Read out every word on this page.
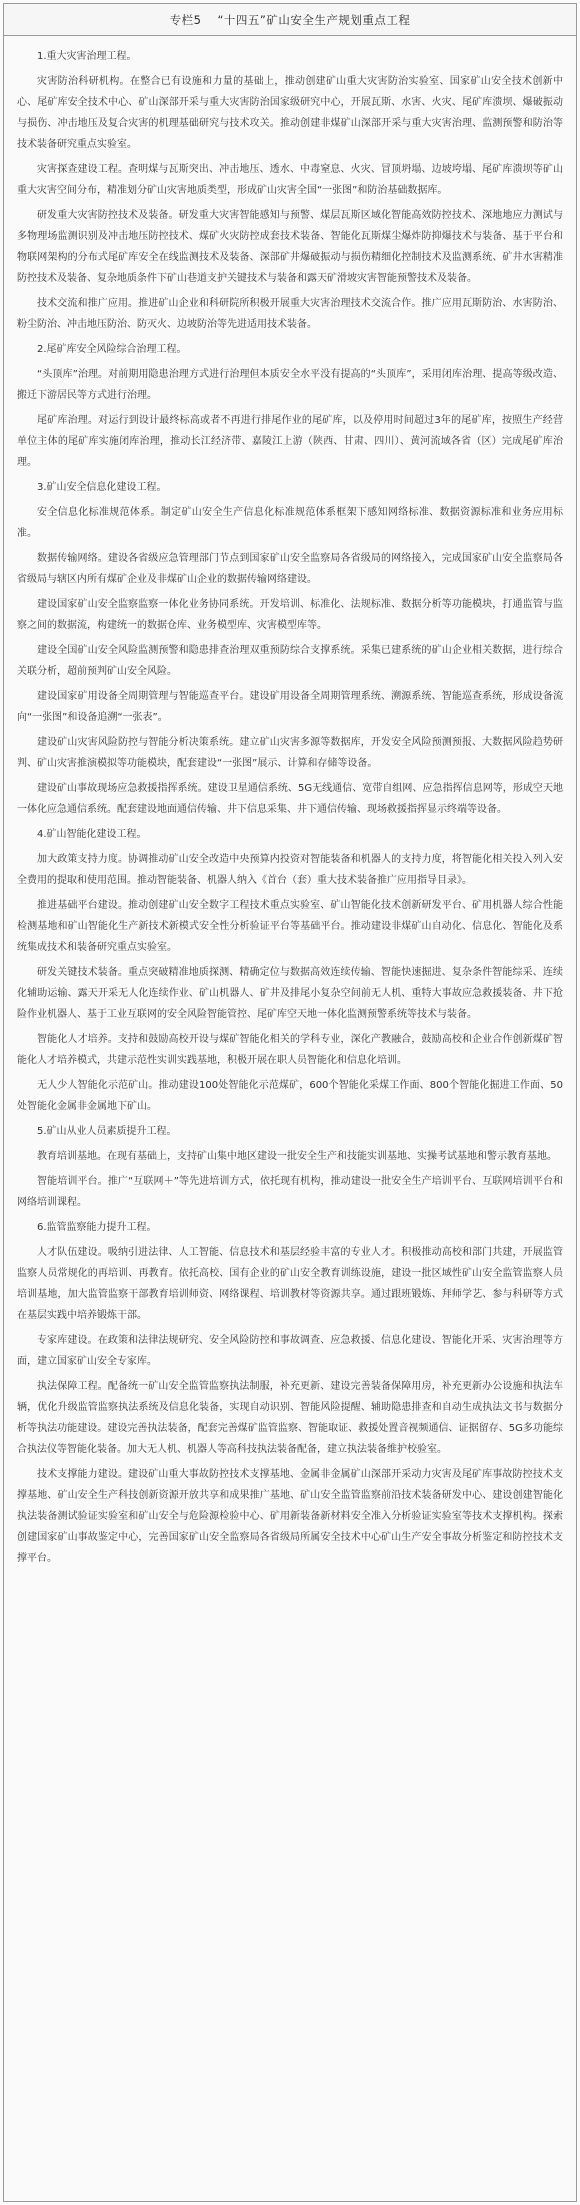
专栏5 “十四五”矿山安全生产规划重点工程

1.重大灾害治理工程。

灾害防治科研机构。在整合已有设施和力量的基础上，推动创建矿山重大灾害防治实验室、国家矿山安全技术创新中心、尾矿库安全技术中心、矿山深部开采与重大灾害防治国家级研究中心，开展瓦斯、水害、火灾、尾矿库溃坝、爆破振动与损伤、冲击地压及复合灾害的机理基础研究与技术攻关。推动创建非煤矿山深部开采与重大灾害治理、监测预警和防治等技术装备研究重点实验室。

灾害探查建设工程。查明煤与瓦斯突出、冲击地压、透水、中毒窒息、火灾、冒顶坍塌、边坡垮塌、尾矿库溃坝等矿山重大灾害空间分布，精准划分矿山灾害地质类型，形成矿山灾害全国“一张图”和防治基础数据库。

研发重大灾害防控技术及装备。研发重大灾害智能感知与预警、煤层瓦斯区域化智能高效防控技术、深地地应力测试与多物理场监测识别及冲击地压防控技术、煤矿火灾防控成套技术装备、智能化瓦斯煤尘爆炸防抑爆技术与装备、基于平台和物联网架构的分布式尾矿库安全在线监测技术及装备、深部矿井爆破振动与损伤精细化控制技术及监测系统、矿井水害精准防控技术及装备、复杂地质条件下矿山巷道支护关键技术与装备和露天矿滑坡灾害智能预警技术及装备。

技术交流和推广应用。推进矿山企业和科研院所积极开展重大灾害治理技术交流合作。推广应用瓦斯防治、水害防治、粉尘防治、冲击地压防治、防灭火、边坡防治等先进适用技术装备。

2.尾矿库安全风险综合治理工程。

“头顶库”治理。对前期用隐患治理方式进行治理但本质安全水平没有提高的“头顶库”，采用闭库治理、提高等级改造、搬迁下游居民等方式进行治理。

尾矿库治理。对运行到设计最终标高或者不再进行排尾作业的尾矿库，以及停用时间超过3年的尾矿库，按照生产经营单位主体的尾矿库实施闭库治理，推动长江经济带、嘉陵江上游（陕西、甘肃、四川）、黄河流域各省（区）完成尾矿库治理。

3.矿山安全信息化建设工程。

安全信息化标准规范体系。制定矿山安全生产信息化标准规范体系框架下感知网络标准、数据资源标准和业务应用标准。

数据传输网络。建设各省级应急管理部门节点到国家矿山安全监察局各省级局的网络接入，完成国家矿山安全监察局各省级局与辖区内所有煤矿企业及非煤矿山企业的数据传输网络建设。

建设国家矿山安全监察监察一体化业务协同系统。开发培训、标准化、法规标准、数据分析等功能模块，打通监管与监察之间的数据流，构建统一的数据仓库、业务模型库、灾害模型库等。

建设全国矿山安全风险监测预警和隐患排查治理双重预防综合支撑系统。采集已建系统的矿山企业相关数据，进行综合关联分析，超前预判矿山安全风险。

建设国家矿用设备全周期管理与智能巡查平台。建设矿用设备全周期管理系统、溯源系统、智能巡查系统，形成设备流向“一张图”和设备追溯“一张表”。

建设矿山灾害风险防控与智能分析决策系统。建立矿山灾害多源等数据库，开发安全风险预测预报、大数据风险趋势研判、矿山灾害推演模拟等功能模块，配套建设“一张图”展示、计算和存储等设备。

建设矿山事故现场应急救援指挥系统。建设卫星通信系统、5G无线通信、宽带自组网、应急指挥信息网等，形成空天地一体化应急通信系统。配套建设地面通信传输、井下信息采集、井下通信传输、现场救援指挥显示终端等设备。

4.矿山智能化建设工程。

加大政策支持力度。协调推动矿山安全改造中央预算内投资对智能装备和机器人的支持力度，将智能化相关投入列入安全费用的提取和使用范围。推动智能装备、机器人纳入《首台（套）重大技术装备推广应用指导目录》。

推进基础平台建设。推动创建矿山安全数字工程技术重点实验室、矿山智能化技术创新研发平台、矿用机器人综合性能检测基地和矿山智能化生产新技术新模式安全性分析验证平台等基础平台。推动建设非煤矿山自动化、信息化、智能化及系统集成技术和装备研究重点实验室。

研发关键技术装备。重点突破精准地质探测、精确定位与数据高效连续传输、智能快速掘进、复杂条件智能综采、连续化辅助运输、露天开采无人化连续作业、矿山机器人、矿井及排尾小复杂空间前无人机、重特大事故应急救援装备、井下抢险作业机器人、基于工业互联网的安全风险智能管控、尾矿库空天地一体化监测预警系统等技术与装备。

智能化人才培养。支持和鼓励高校开设与煤矿智能化相关的学科专业，深化产教融合，鼓励高校和企业合作创新煤矿智能化人才培养模式，共建示范性实训实践基地，积极开展在职人员智能化和信息化培训。

无人少人智能化示范矿山。推动建设100处智能化示范煤矿，600个智能化采煤工作面、800个智能化掘进工作面、50处智能化金属非金属地下矿山。

5.矿山从业人员素质提升工程。

教育培训基地。在现有基础上，支持矿山集中地区建设一批安全生产和技能实训基地、实操考试基地和警示教育基地。

智能培训平台。推广“互联网＋”等先进培训方式，依托现有机构，推动建设一批安全生产培训平台、互联网培训平台和网络培训课程。

6.监管监察能力提升工程。

人才队伍建设。吸纳引进法律、人工智能、信息技术和基层经验丰富的专业人才。积极推动高校和部门共建，开展监管监察人员常规化的再培训、再教育。依托高校、国有企业的矿山安全教育训练设施，建设一批区域性矿山安全监管监察人员培训基地，加大监管监察干部教育培训师资、网络课程、培训教材等资源共享。通过跟班锻炼、拜师学艺、参与科研等方式在基层实践中培养锻炼干部。

专家库建设。在政策和法律法规研究、安全风险防控和事故调查、应急救援、信息化建设、智能化开采、灾害治理等方面，建立国家矿山安全专家库。

执法保障工程。配备统一矿山安全监管监察执法制服，补充更新、建设完善装备保障用房，补充更新办公设施和执法车辆，优化升级监管监察执法系统及信息化装备，实现自动识别、智能风险提醒、辅助隐患排查和自动生成执法文书与数据分析等执法功能建设。建设完善执法装备，配套完善煤矿监管监察、智能取证、救援处置音视频通信、证据留存、5G多功能综合执法仪等智能化装备。加大无人机、机器人等高科技执法装备配备，建立执法装备维护校验室。

技术支撑能力建设。建设矿山重大事故防控技术支撑基地、金属非金属矿山深部开采动力灾害及尾矿库事故防控技术支撑基地、矿山安全生产科技创新资源开放共享和成果推广基地、矿山安全监管监察前沿技术装备研发中心、建设创建智能化执法装备测试验证实验室和矿山安全与危险源检验中心、矿用新装备新材料安全准入分析验证实验室等技术支撑机构。探索创建国家矿山事故鉴定中心，完善国家矿山安全监察局各省级局所属安全技术中心矿山生产安全事故分析鉴定和防控技术支撑平台。
